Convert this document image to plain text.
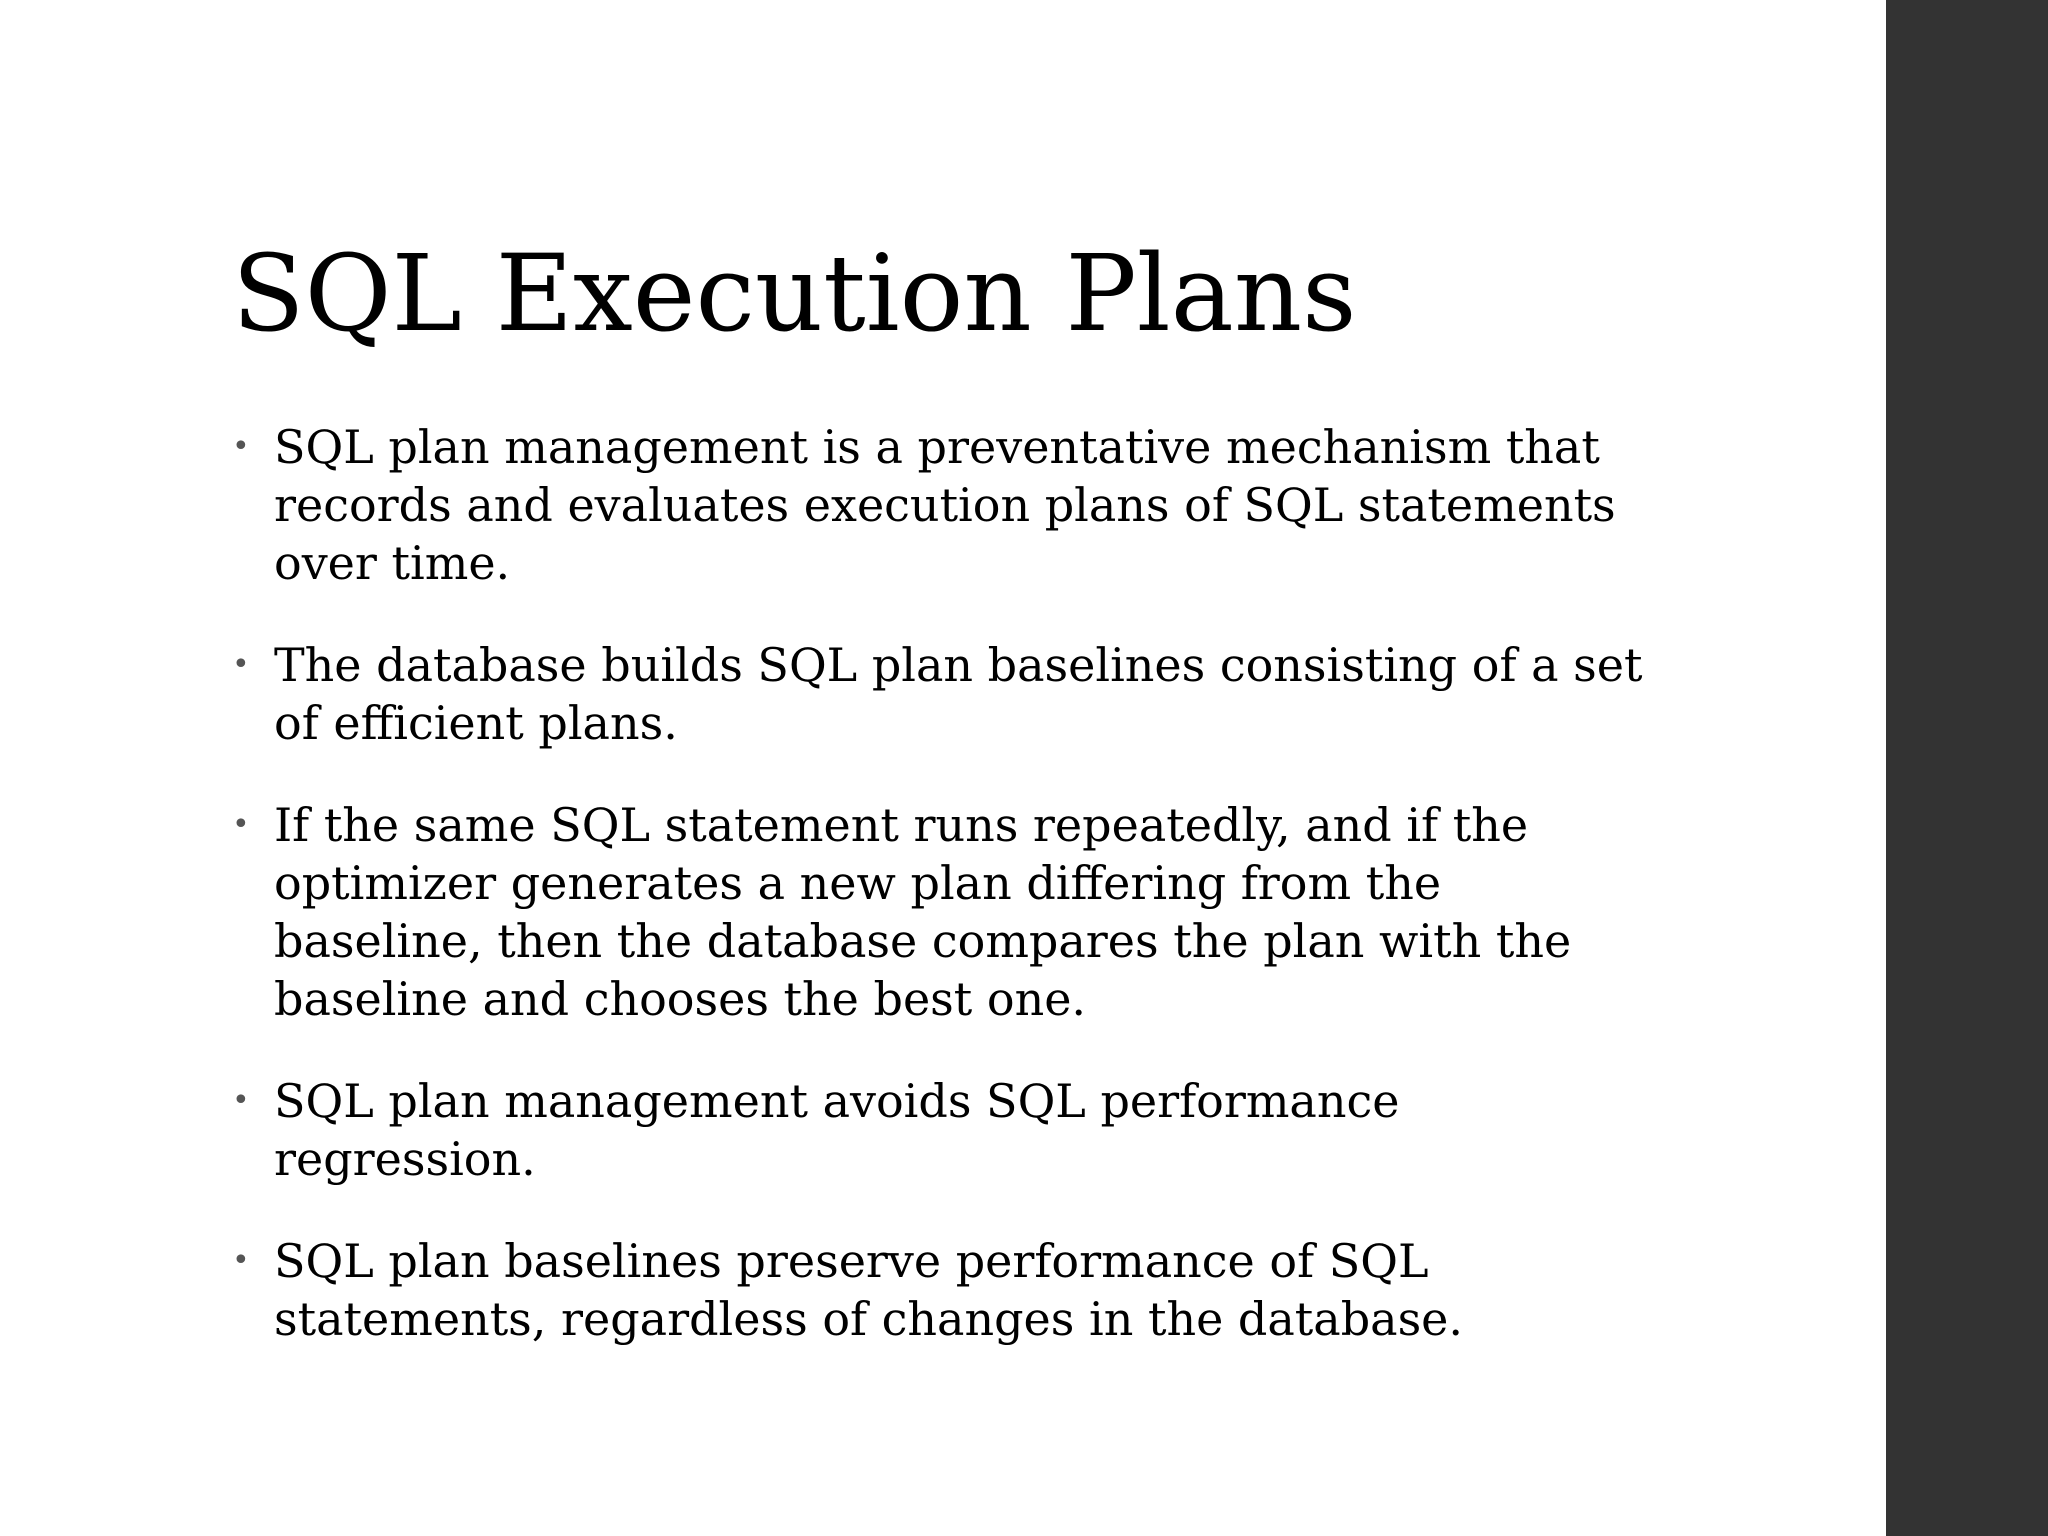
SQL Execution Plans
• SQL plan management is a preventative mechanism that records and evaluates execution plans of SQL statements over time.
• The database builds SQL plan baselines consisting of a set of efficient plans.
• If the same SQL statement runs repeatedly, and if the optimizer generates a new plan differing from the baseline, then the database compares the plan with the baseline and chooses the best one.
• SQL plan management avoids SQL performance regression.
• SQL plan baselines preserve performance of SQL statements, regardless of changes in the database.
